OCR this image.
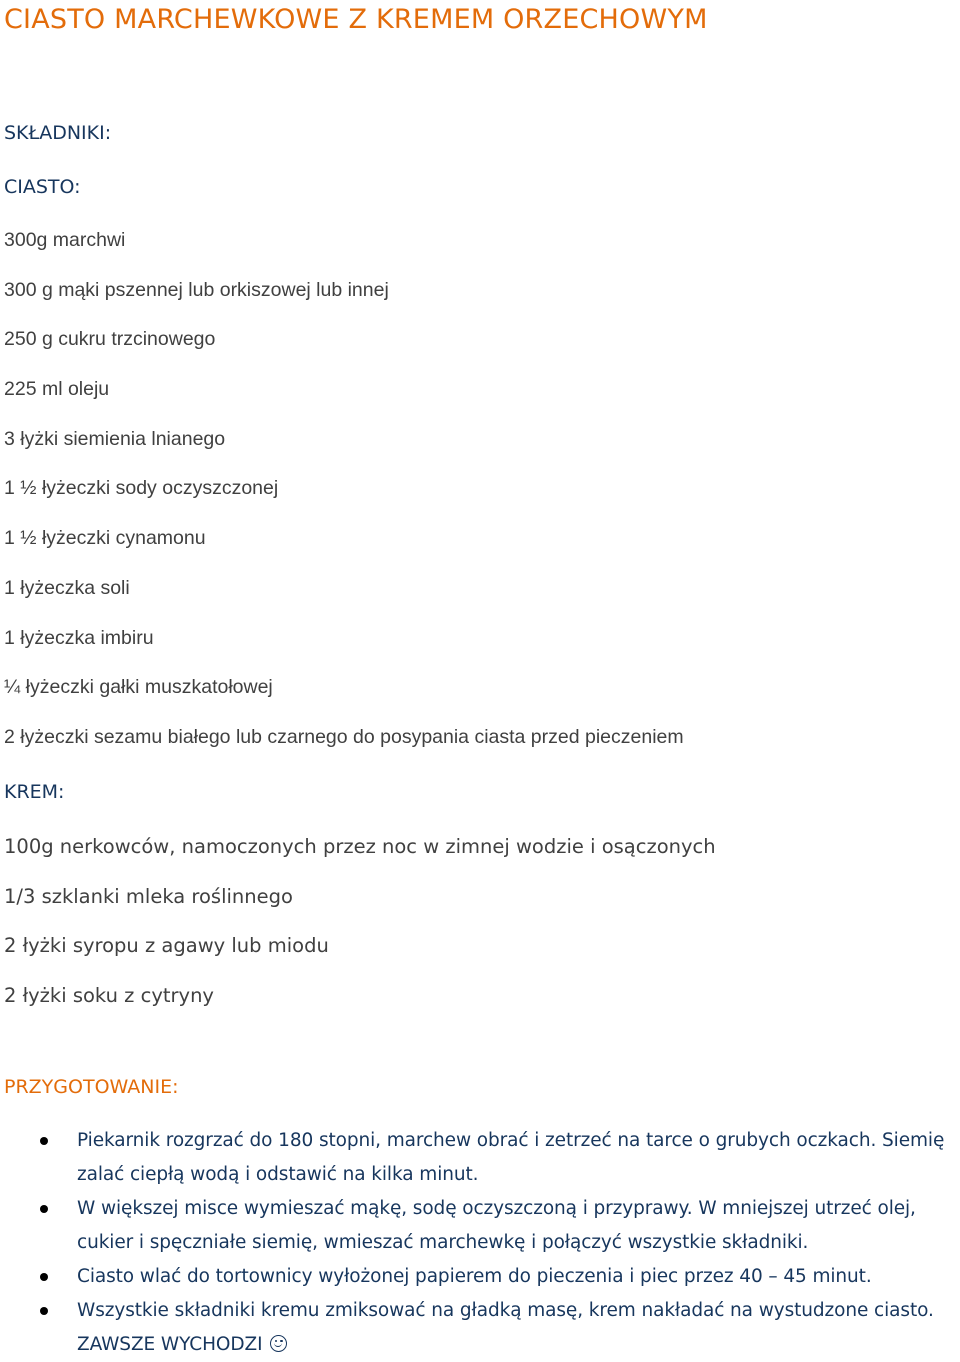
CIASTO MARCHEWKOWE Z KREMEM ORZECHOWYM
SKŁADNIKI:
CIASTO:
300g marchwi
300 g mąki pszennej lub orkiszowej lub innej
250 g cukru trzcinowego
225 ml oleju
3 łyżki siemienia lnianego
1 ½ łyżeczki sody oczyszczonej
1 ½ łyżeczki cynamonu
1 łyżeczka soli
1 łyżeczka imbiru
¼ łyżeczki gałki muszkatołowej
2 łyżeczki sezamu białego lub czarnego do posypania ciasta przed pieczeniem
KREM:
100g nerkowców, namoczonych przez noc w zimnej wodzie i osączonych
1/3 szklanki mleka roślinnego
2 łyżki syropu z agawy lub miodu
2 łyżki soku z cytryny
PRZYGOTOWANIE:
Piekarnik rozgrzać do 180 stopni, marchew obrać i zetrzeć na tarce o grubych oczkach. Siemię zalać ciepłą wodą i odstawić na kilka minut.
W większej misce wymieszać mąkę, sodę oczyszczoną i przyprawy. W mniejszej utrzeć olej, cukier i spęczniałe siemię, wmieszać marchewkę i połączyć wszystkie składniki.
Ciasto wlać do tortownicy wyłożonej papierem do pieczenia i piec przez 40 – 45 minut.
Wszystkie składniki kremu zmiksować na gładką masę, krem nakładać na wystudzone ciasto. ZAWSZE WYCHODZI
